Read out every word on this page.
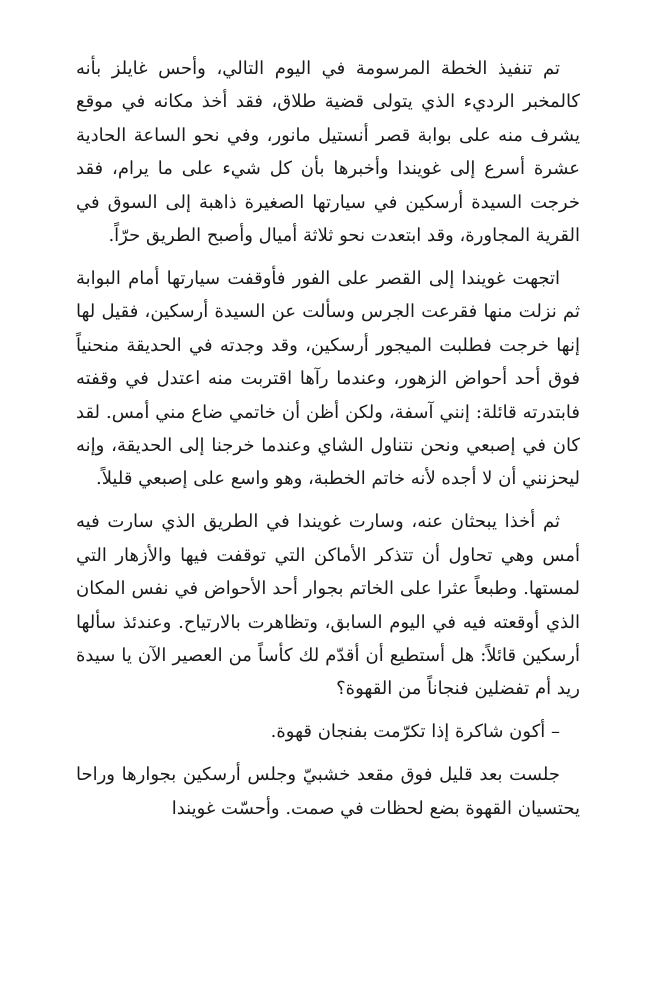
تم تنفيذ الخطة المرسومة في اليوم التالي، وأحس غايلز بأنه كالمخبر الرديء الذي يتولى قضية طلاق، فقد أخذ مكانه في موقع يشرف منه على بوابة قصر أنستيل مانور، وفي نحو الساعة الحادية عشرة أسرع إلى غويندا وأخبرها بأن كل شيء على ما يرام، فقد خرجت السيدة أرسكين في سيارتها الصغيرة ذاهبة إلى السوق في القرية المجاورة، وقد ابتعدت نحو ثلاثة أميال وأصبح الطريق حرّاً.

اتجهت غويندا إلى القصر على الفور فأوقفت سيارتها أمام البوابة ثم نزلت منها فقرعت الجرس وسألت عن السيدة أرسكين، فقيل لها إنها خرجت فطلبت الميجور أرسكين، وقد وجدته في الحديقة منحنياً فوق أحد أحواض الزهور، وعندما رآها اقتربت منه اعتدل في وقفته فابتدرته قائلة: إنني آسفة، ولكن أظن أن خاتمي ضاع مني أمس. لقد كان في إصبعي ونحن نتناول الشاي وعندما خرجنا إلى الحديقة، وإنه ليحزنني أن لا أجده لأنه خاتم الخطبة، وهو واسع على إصبعي قليلاً.

ثم أخذا يبحثان عنه، وسارت غويندا في الطريق الذي سارت فيه أمس وهي تحاول أن تتذكر الأماكن التي توقفت فيها والأزهار التي لمستها. وطبعاً عثرا على الخاتم بجوار أحد الأحواض في نفس المكان الذي أوقعته فيه في اليوم السابق، وتظاهرت بالارتياح. وعندئذ سألها أرسكين قائلاً: هل أستطيع أن أقدّم لك كأساً من العصير الآن يا سيدة ريد أم تفضلين فنجاناً من القهوة؟

– أكون شاكرة إذا تكرّمت بفنجان قهوة.

جلست بعد قليل فوق مقعد خشبيّ وجلس أرسكين بجوارها وراحا يحتسيان القهوة بضع لحظات في صمت. وأحسّت غويندا
